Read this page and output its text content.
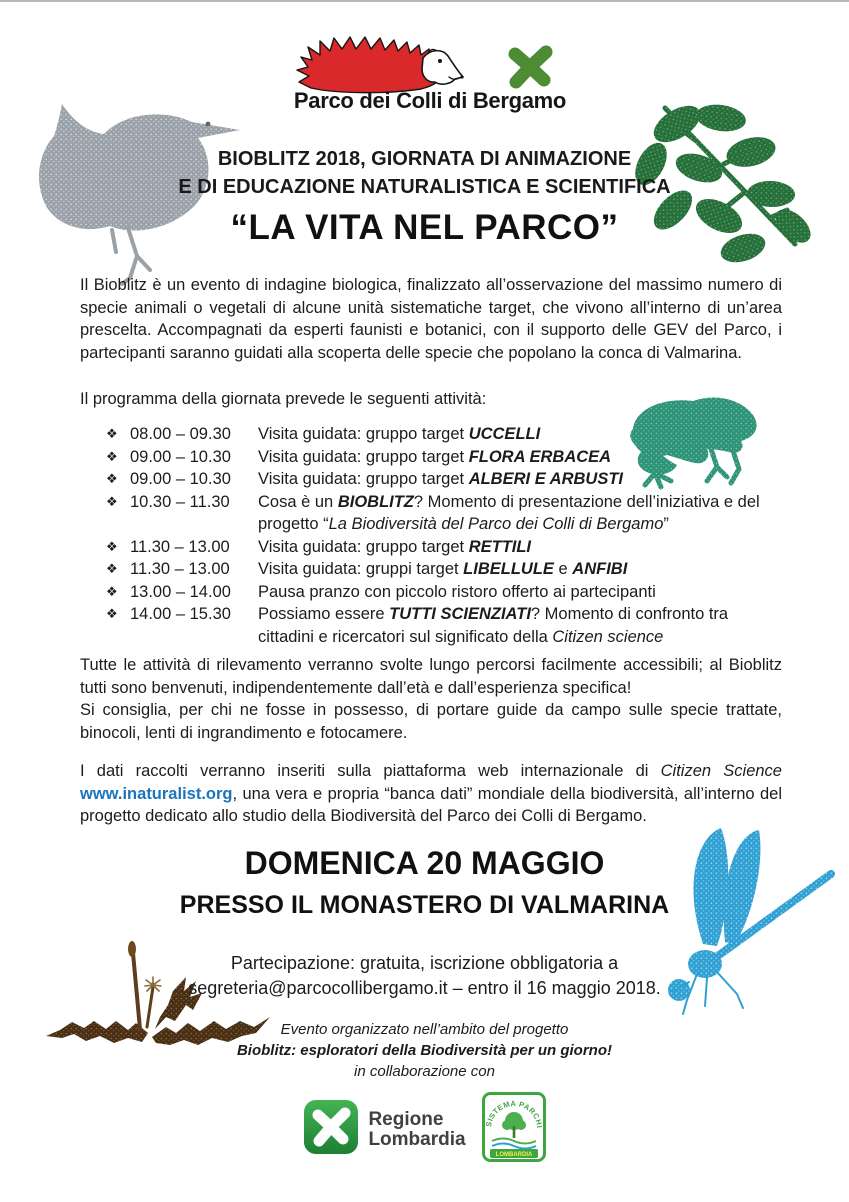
Parco dei Colli di Bergamo
BIOBLITZ 2018, GIORNATA DI ANIMAZIONE
E DI EDUCAZIONE NATURALISTICA E SCIENTIFICA
“LA VITA NEL PARCO”

Il Bioblitz è un evento di indagine biologica, finalizzato all’osservazione del massimo numero di specie animali o vegetali di alcune unità sistematiche target, che vivono all’interno di un’area prescelta. Accompagnati da esperti faunisti e botanici, con il supporto delle GEV del Parco, i partecipanti saranno guidati alla scoperta delle specie che popolano la conca di Valmarina.

Il programma della giornata prevede le seguenti attività:

❖ 08.00 – 09.30	Visita guidata: gruppo target UCCELLI
❖ 09.00 – 10.30	Visita guidata: gruppo target FLORA ERBACEA
❖ 09.00 – 10.30	Visita guidata: gruppo target ALBERI E ARBUSTI
❖ 10.30 – 11.30	Cosa è un BIOBLITZ? Momento di presentazione dell’iniziativa e del progetto “La Biodiversità del Parco dei Colli di Bergamo”
❖ 11.30 – 13.00	Visita guidata: gruppo target RETTILI
❖ 11.30 – 13.00	Visita guidata: gruppi target LIBELLULE e ANFIBI
❖ 13.00 – 14.00	Pausa pranzo con piccolo ristoro offerto ai partecipanti
❖ 14.00 – 15.30	Possiamo essere TUTTI SCIENZIATI? Momento di confronto tra cittadini e ricercatori sul significato della Citizen science
Tutte le attività di rilevamento verranno svolte lungo percorsi facilmente accessibili; al Bioblitz tutti sono benvenuti, indipendentemente dall’età e dall’esperienza specifica!
Si consiglia, per chi ne fosse in possesso, di portare guide da campo sulle specie trattate, binocoli, lenti di ingrandimento e fotocamere.

I dati raccolti verranno inseriti sulla piattaforma web internazionale di Citizen Science www.inaturalist.org, una vera e propria “banca dati” mondiale della biodiversità, all’interno del progetto dedicato allo studio della Biodiversità del Parco dei Colli di Bergamo.

DOMENICA 20 MAGGIO
PRESSO IL MONASTERO DI VALMARINA
Partecipazione: gratuita, iscrizione obbligatoria a
segreteria@parcocollibergamo.it – entro il 16 maggio 2018.
Evento organizzato nell’ambito del progetto
Bioblitz: esploratori della Biodiversità per un giorno!
in collaborazione con
Regione
Lombardia
SISTEMA PARCHI
LOMBARDIA
